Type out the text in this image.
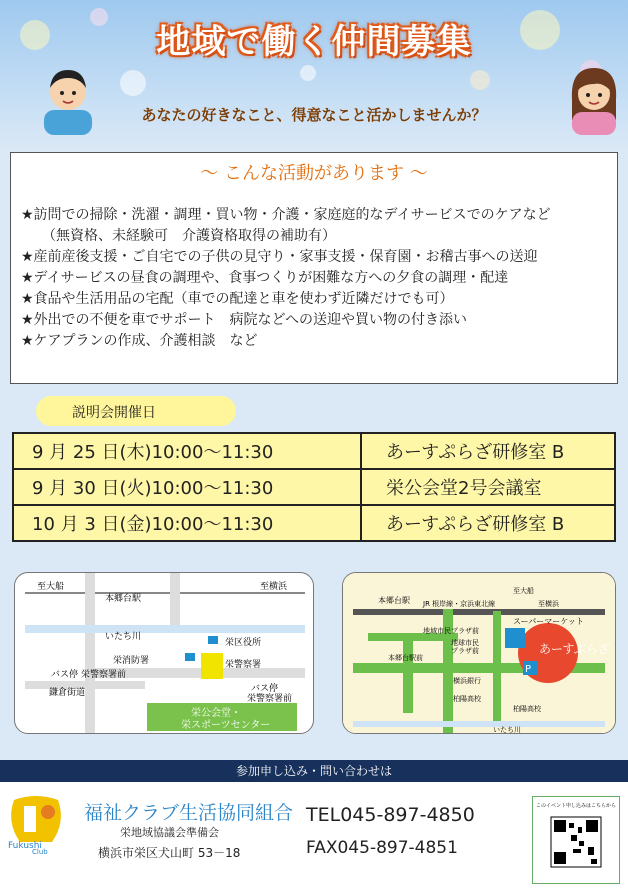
地域で働く仲間募集
あなたの好きなこと、得意なこと活かしませんか？
～ こんな活動があります ～
★訪問での掃除・洗濯・調理・買い物・介護・家庭庭的なデイサービスでのケアなど
　　（無資格、未経験可　介護資格取得の補助有）
★産前産後支援・ご自宅での子供の見守り・家事支援・保育園・お稽古事への送迎
★デイサービスの昼食の調理や、食事つくりが困難な方への夕食の調理・配達
★食品や生活用品の宅配（車での配達と車を使わず近隣だけでも可）
★外出での不便を車でサポート　病院などへの送迎や買い物の付き添い
★ケアプランの作成、介護相談　など
説明会開催日
9 月 25 日(木)10:00～11:30	あーすぷらざ研修室 B
9 月 30 日(火)10:00～11:30	栄公会堂2号会議室
10 月 3 日(金)10:00～11:30	あーすぷらざ研修室 B
至大船
本郷台駅
至横浜
いたち川
栄区役所
栄消防署	栄警察署
バス停 栄警察署前
鎌倉街道	バス停
栄警察署前
栄公会堂・
栄スポーツセンター
本郷台駅 JR 根岸線・京浜東北線
至大船
至横浜
スーパーマーケット
地域市民プラザ前
地球市民
プラザ前	あーすぷらざ
P
本郷台駅前
横浜銀行
柏陽高校
柏陽高校
いたち川
参加申し込み・問い合わせは
Fukushi
Club
福祉クラブ生活協同組合
栄地域協議会準備会
横浜市栄区犬山町 53－18
TEL045-897-4850
FAX045-897-4851
このイベント申し込みはこちらから
